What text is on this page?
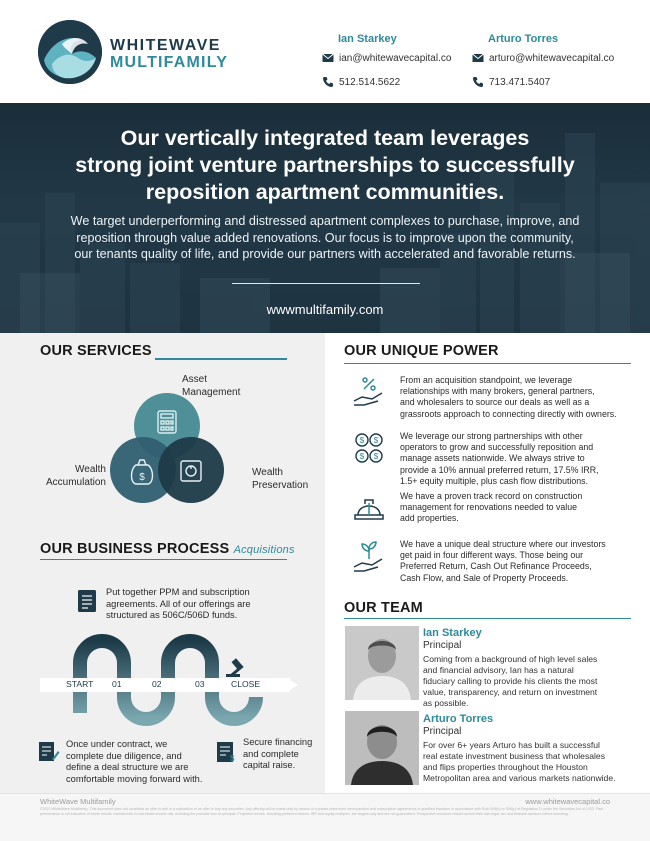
WHITEWAVE
MULTIFAMILY
Ian Starkey
ian@whitewavecapital.co
512.514.5622
Arturo Torres
arturo@whitewavecapital.co
713.471.5407
Our vertically integrated team leverages
strong joint venture partnerships to successfully
reposition apartment communities.
We target underperforming and distressed apartment complexes to purchase, improve, and
reposition through value added renovations. Our focus is to improve upon the community,
our tenants quality of life, and provide our partners with accelerated and favorable returns.
wwwmultifamily.com
OUR SERVICES
$
Asset
Management
Wealth
Accumulation
Wealth
Preservation
OUR BUSINESS PROCESS Acquisitions
Put together PPM and subscription
agreements. All of our offerings are
structured as 506C/506D funds.
START 01	02	03	CLOSE
Once under contract, we
complete due diligence, and
define a deal structure we are
comfortable moving forward with.
$
Secure financing
and complete
capital raise.
OUR UNIQUE POWER
From an acquisition standpoint, we leverage
relationships with many brokers, general partners,
and wholesalers to source our deals as well as a
grassroots approach to connecting directly with owners.
$ $
$ $
We leverage our strong partnerships with other
operators to grow and successfully reposition and
manage assets nationwide. We always strive to
provide a 10% annual preferred return, 17.5% IRR,
1.5+ equity multiple, plus cash flow distributions.
We have a proven track record on construction
management for renovations needed to value
add properties.
We have a unique deal structure where our investors
get paid in four different ways. Those being our
Preferred Return, Cash Out Refinance Proceeds,
Cash Flow, and Sale of Property Proceeds.
OUR TEAM
Ian Starkey
Principal
Coming from a background of high level sales
and financial advisory, Ian has a natural
fiduciary calling to provide his clients the most
value, transparency, and return on investment
as possible.
Arturo Torres
Principal
For over 6+ years Arturo has built a successful
real estate investment business that wholesales
and flips properties throughout the Houston
Metropolitan area and various markets nationwide.
WhiteWave Multifamily	www.whitewavecapital.co
©2023 WhiteWave Multifamily. This document does not constitute an offer to sell or a solicitation of an offer to buy any securities. Any offering will be made only by means of a private placement memorandum and subscription agreements to qualified investors in accordance with Rule 506(b) or 506(c) of Regulation D under the Securities Act of 1933. Past performance is not indicative of future results. Investments in real estate involve risk, including the possible loss of principal. Projected returns, including preferred returns, IRR and equity multiples, are targets only and are not guaranteed. Prospective investors should consult their own legal, tax and financial advisors before investing.
